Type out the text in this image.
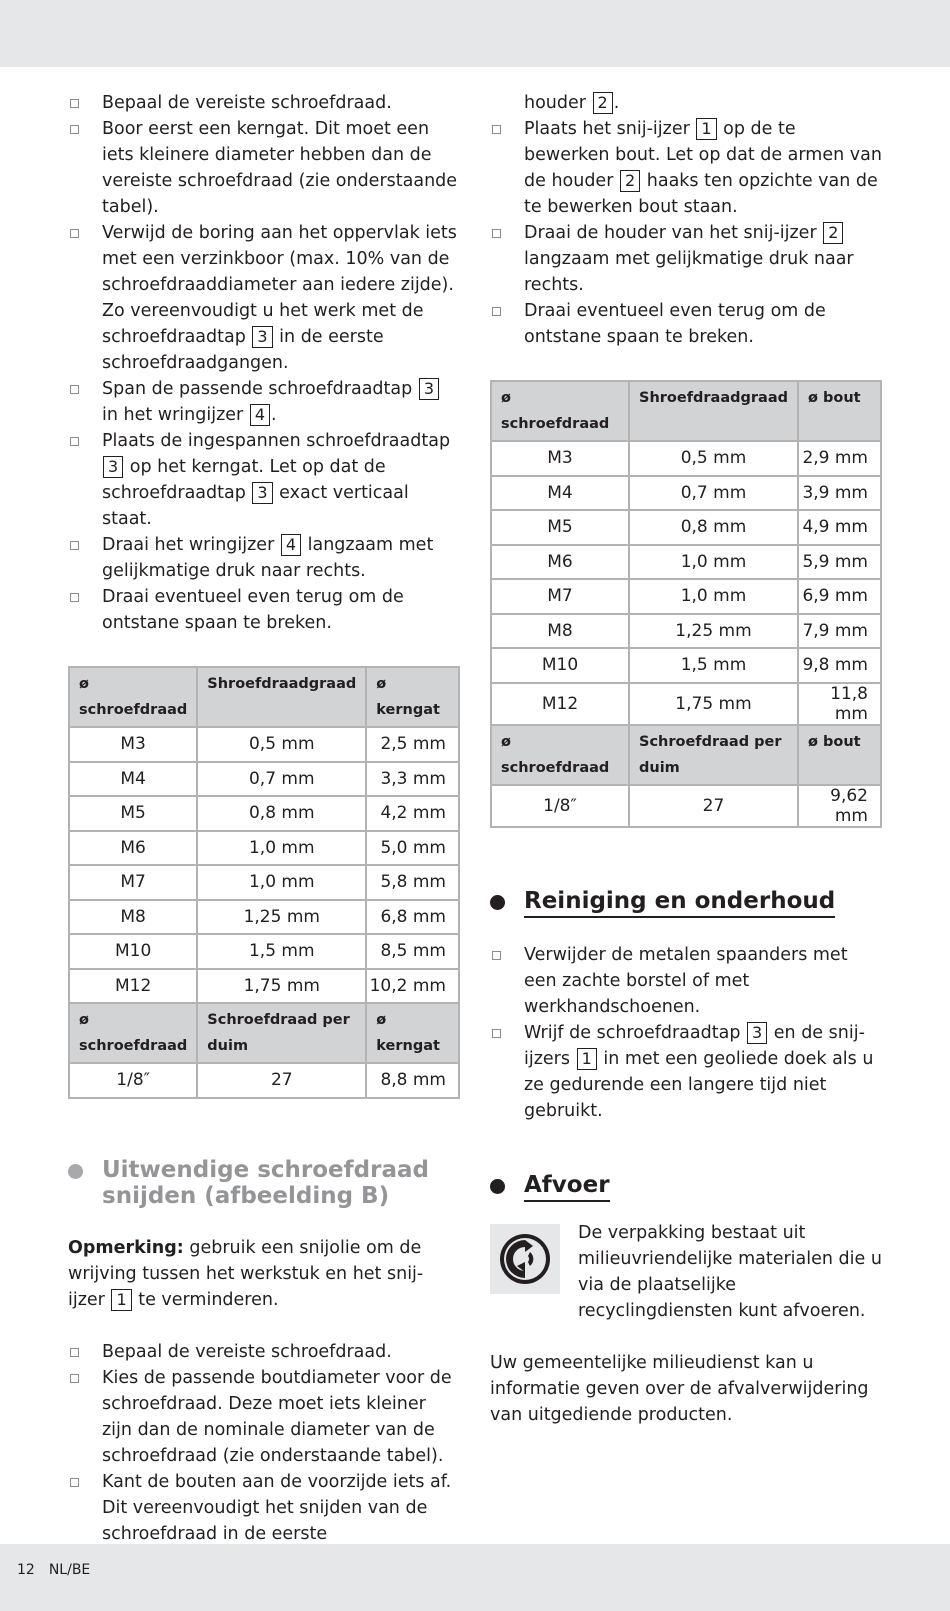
Bepaal de vereiste schroefdraad.
Boor eerst een kerngat. Dit moet een iets kleinere diameter hebben dan de vereiste schroefdraad (zie onderstaande tabel).
Verwijd de boring aan het oppervlak iets met een verzinkboor (max. 10% van de schroefdraaddiameter aan iedere zijde). Zo vereenvoudigt u het werk met de schroefdraadtap 3 in de eerste schroefdraadgangen.
Span de passende schroefdraadtap 3 in het wringijzer 4 .
Plaats de ingespannen schroefdraadtap 3 op het kerngat. Let op dat de schroefdraadtap 3 exact verticaal staat.
Draai het wringijzer 4 langzaam met gelijkmatige druk naar rechts.
Draai eventueel even terug om de ontstane spaan te breken.
ø schroefdraad	Shroefdraadgraad	ø kerngat
M3	0,5 mm	2,5 mm
M4	0,7 mm	3,3 mm
M5	0,8 mm	4,2 mm
M6	1,0 mm	5,0 mm
M7	1,0 mm	5,8 mm
M8	1,25 mm	6,8 mm
M10	1,5 mm	8,5 mm
M12	1,75 mm	10,2 mm
ø schroefdraad	Schroefdraad per duim	ø kerngat
1/8″	27	8,8 mm
Uitwendige schroefdraad snijden (afbeelding B)

Opmerking: gebruik een snijolie om de wrijving tussen het werkstuk en het snij-ijzer 1 te verminderen.

Bepaal de vereiste schroefdraad.
Kies de passende boutdiameter voor de schroefdraad. Deze moet iets kleiner zijn dan de nominale diameter van de schroefdraad (zie onderstaande tabel).
Kant de bouten aan de voorzijde iets af. Dit vereenvoudigt het snijden van de schroefdraad in de eerste

houder 2 .

Plaats het snij-ijzer 1 op de te bewerken bout. Let op dat de armen van de houder 2 haaks ten opzichte van de te bewerken bout staan.
Draai de houder van het snij-ijzer 2 langzaam met gelijkmatige druk naar rechts.
Draai eventueel even terug om de ontstane spaan te breken.
ø schroefdraad	Shroefdraadgraad	ø bout
M3	0,5 mm	2,9 mm
M4	0,7 mm	3,9 mm
M5	0,8 mm	4,9 mm
M6	1,0 mm	5,9 mm
M7	1,0 mm	6,9 mm
M8	1,25 mm	7,9 mm
M10	1,5 mm	9,8 mm
M12	1,75 mm	11,8 mm
ø schroefdraad	Schroefdraad per duim	ø bout
1/8″	27	9,62 mm
Reiniging en onderhoud
Verwijder de metalen spaanders met een zachte borstel of met werkhandschoenen.
Wrijf de schroefdraadtap 3 en de snij-ijzers 1 in met een geoliede doek als u ze gedurende een langere tijd niet gebruikt.
Afvoer

De verpakking bestaat uit milieuvriendelijke materialen die u via de plaatselijke recyclingdiensten kunt afvoeren.

Uw gemeentelijke milieudienst kan u informatie geven over de afvalverwijdering van uitgediende producten.

12 NL/BE
